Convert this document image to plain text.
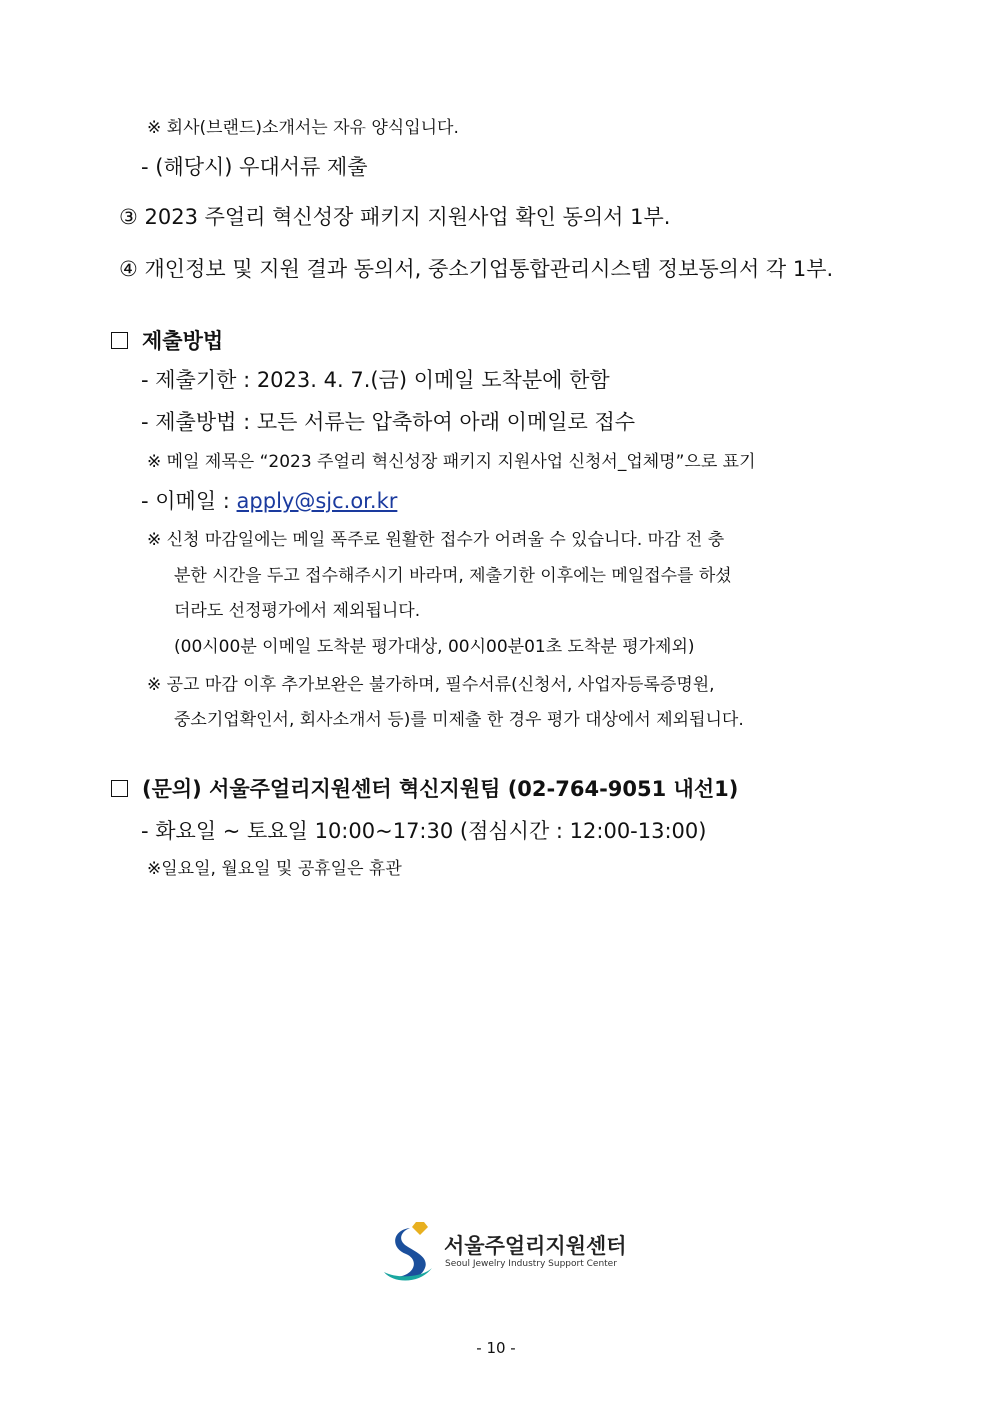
※ 회사(브랜드)소개서는 자유 양식입니다.
- (해당시) 우대서류 제출
③ 2023 주얼리 혁신성장 패키지 지원사업 확인 동의서 1부.
④ 개인정보 및 지원 결과 동의서, 중소기업통합관리시스템 정보동의서 각 1부.
제출방법
- 제출기한 : 2023. 4. 7.(금) 이메일 도착분에 한함
- 제출방법 : 모든 서류는 압축하여 아래 이메일로 접수
※ 메일 제목은 “2023 주얼리 혁신성장 패키지 지원사업 신청서_업체명”으로 표기
- 이메일 : apply@sjc.or.kr
※ 신청 마감일에는 메일 폭주로 원활한 접수가 어려울 수 있습니다. 마감 전 충
분한 시간을 두고 접수해주시기 바라며, 제출기한 이후에는 메일접수를 하셨
더라도 선정평가에서 제외됩니다.
(00시00분 이메일 도착분 평가대상, 00시00분01초 도착분 평가제외)
※ 공고 마감 이후 추가보완은 불가하며, 필수서류(신청서, 사업자등록증명원,
중소기업확인서, 회사소개서 등)를 미제출 한 경우 평가 대상에서 제외됩니다.
(문의) 서울주얼리지원센터 혁신지원팀 (02-764-9051 내선1)
- 화요일 ~ 토요일 10:00~17:30 (점심시간 : 12:00-13:00)
※일요일, 월요일 및 공휴일은 휴관
서울주얼리지원센터
Seoul Jewelry Industry Support Center
- 10 -
